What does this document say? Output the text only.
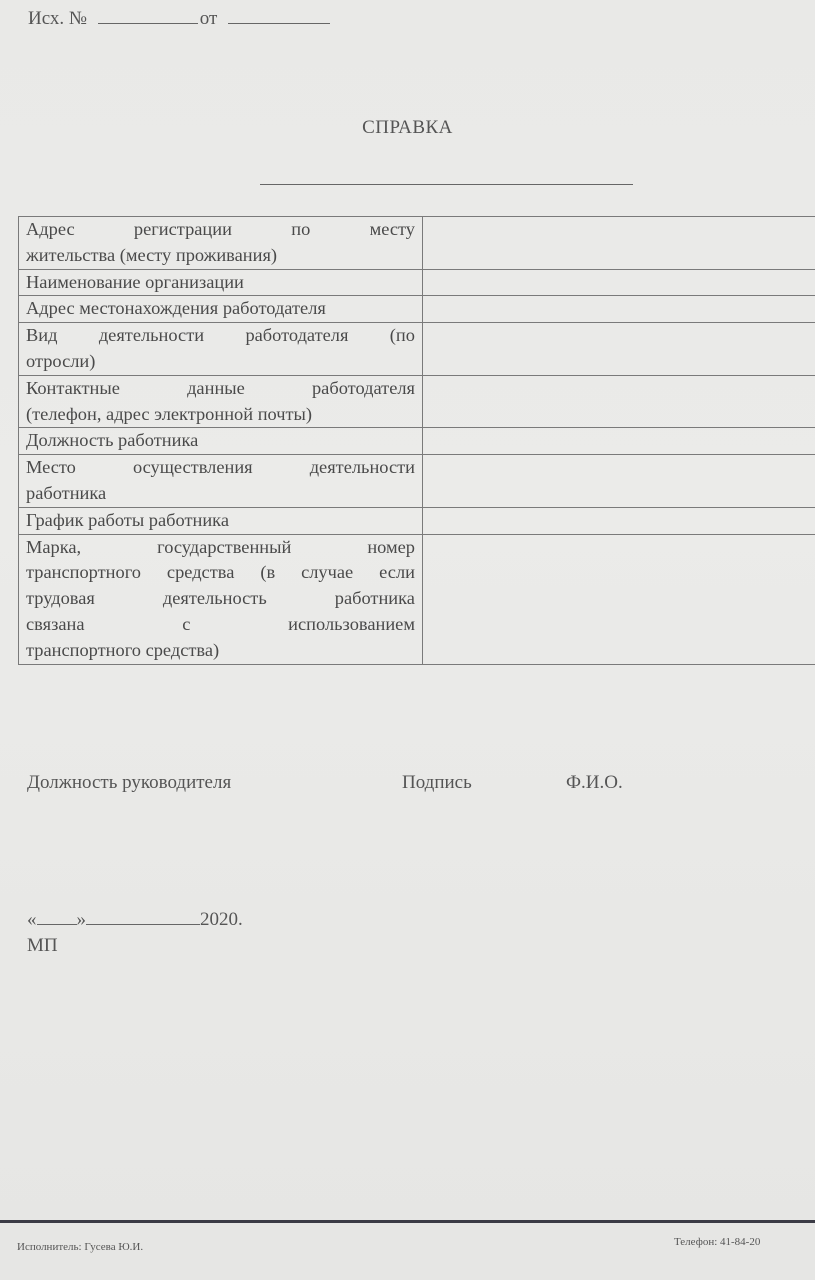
Исх. №	от
СПРАВКА
Адрес регистрации по месту
жительства (месту проживания)	

Наименование организации	

Адрес местонахождения работодателя	

Вид деятельности работодателя (по
отросли)	

Контактные данные работодателя
(телефон, адрес электронной почты)	

Должность работника	

Место осуществления деятельности
работника	

График работы работника	

Марка,	государственный	номер
транспортного средства (в случае если
трудовая	деятельность	работника
связана	с	использованием
транспортного средства)

Должность руководителя	Подпись	Ф.И.О.
« »	2020.
МП
Исполнитель: Гусева Ю.И.	Телефон: 41-84-20
